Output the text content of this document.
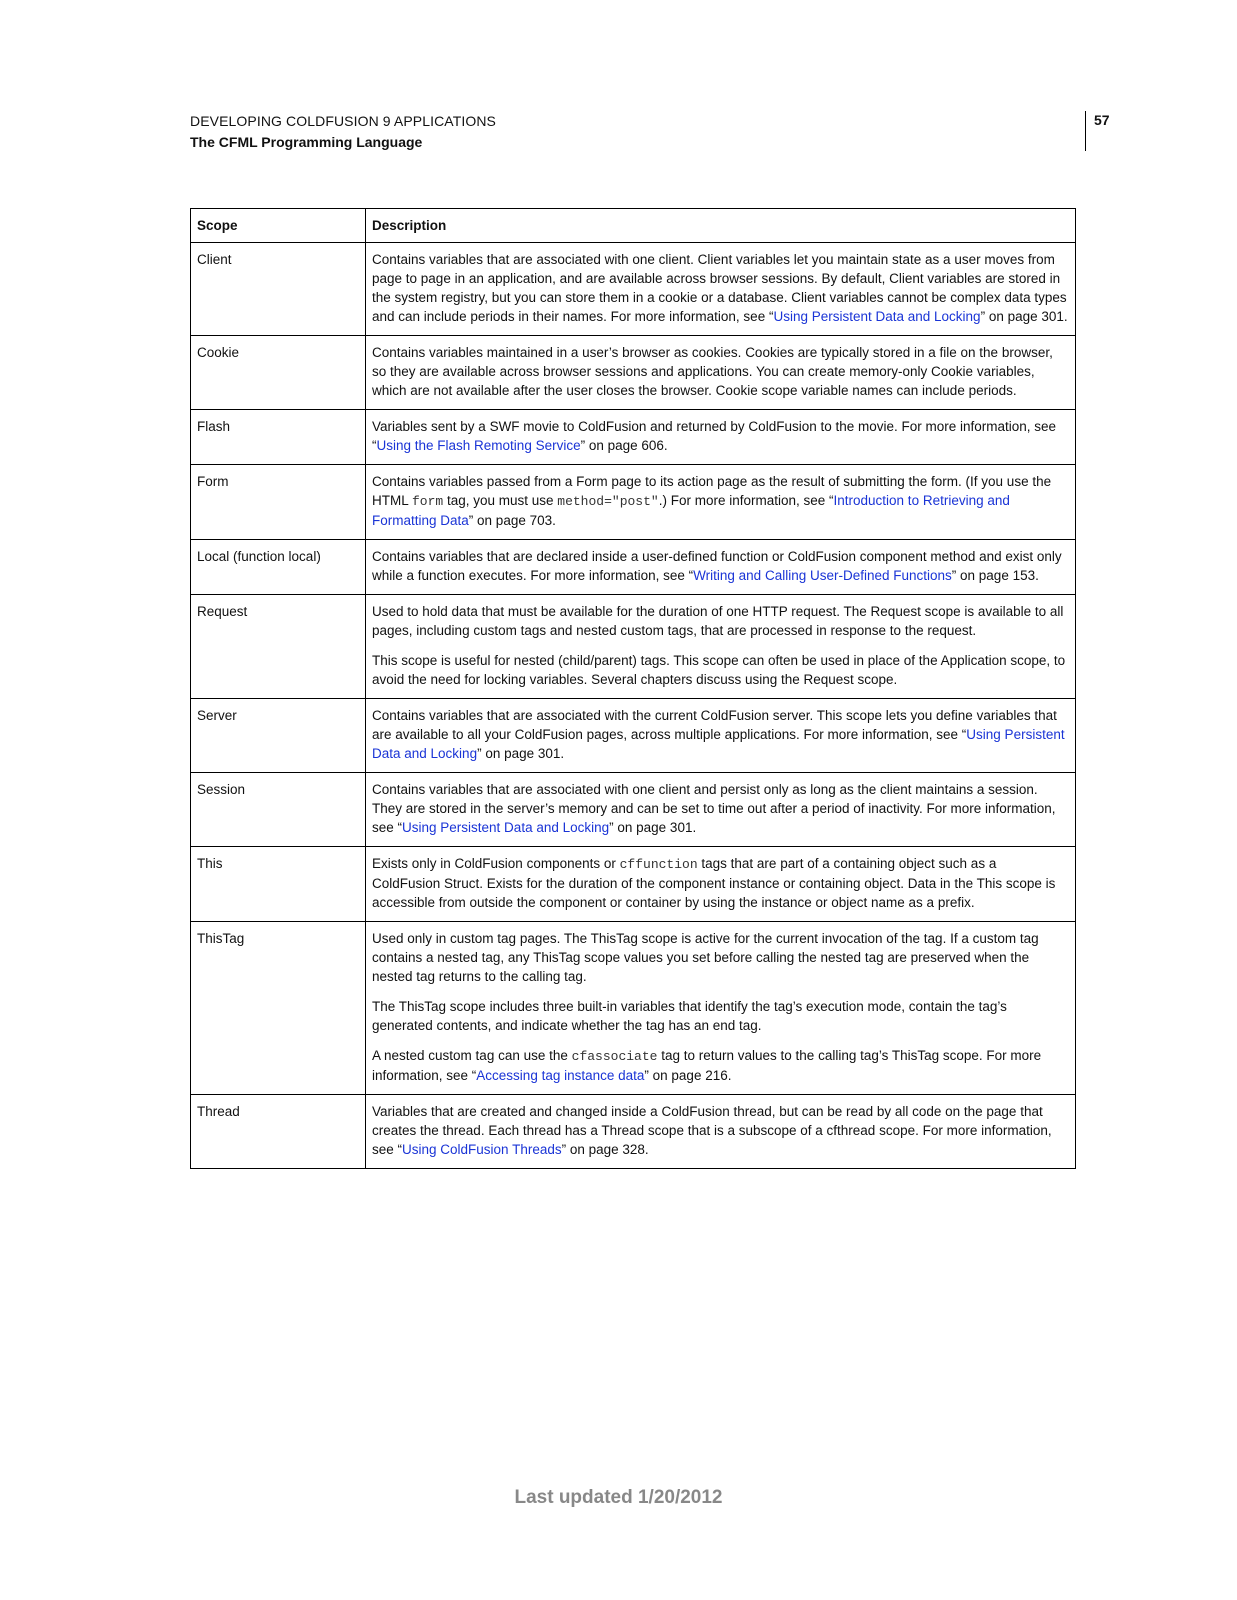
DEVELOPING COLDFUSION 9 APPLICATIONS
The CFML Programming Language
57
Scope	Description
Client	Contains variables that are associated with one client. Client variables let you maintain state as a user moves from page to page in an application, and are available across browser sessions. By default, Client variables are stored in the system registry, but you can store them in a cookie or a database. Client variables cannot be complex data types and can include periods in their names. For more information, see “Using Persistent Data and Locking” on page 301.

Cookie	Contains variables maintained in a user’s browser as cookies. Cookies are typically stored in a file on the browser, so they are available across browser sessions and applications. You can create memory-only Cookie variables, which are not available after the user closes the browser. Cookie scope variable names can include periods.

Flash	Variables sent by a SWF movie to ColdFusion and returned by ColdFusion to the movie. For more information, see “Using the Flash Remoting Service” on page 606.

Form	Contains variables passed from a Form page to its action page as the result of submitting the form. (If you use the HTML form tag, you must use method="post".) For more information, see “Introduction to Retrieving and Formatting Data” on page 703.

Local (function local)	Contains variables that are declared inside a user-defined function or ColdFusion component method and exist only while a function executes. For more information, see “Writing and Calling User-Defined Functions” on page 153.

Request	Used to hold data that must be available for the duration of one HTTP request. The Request scope is available to all pages, including custom tags and nested custom tags, that are processed in response to the request.

This scope is useful for nested (child/parent) tags. This scope can often be used in place of the Application scope, to avoid the need for locking variables. Several chapters discuss using the Request scope.

Server	Contains variables that are associated with the current ColdFusion server. This scope lets you define variables that are available to all your ColdFusion pages, across multiple applications. For more information, see “Using Persistent Data and Locking” on page 301.

Session	Contains variables that are associated with one client and persist only as long as the client maintains a session. They are stored in the server’s memory and can be set to time out after a period of inactivity. For more information, see “Using Persistent Data and Locking” on page 301.

This	Exists only in ColdFusion components or cffunction tags that are part of a containing object such as a ColdFusion Struct. Exists for the duration of the component instance or containing object. Data in the This scope is accessible from outside the component or container by using the instance or object name as a prefix.

ThisTag	Used only in custom tag pages. The ThisTag scope is active for the current invocation of the tag. If a custom tag contains a nested tag, any ThisTag scope values you set before calling the nested tag are preserved when the nested tag returns to the calling tag.

The ThisTag scope includes three built-in variables that identify the tag’s execution mode, contain the tag’s generated contents, and indicate whether the tag has an end tag.

A nested custom tag can use the cfassociate tag to return values to the calling tag’s ThisTag scope. For more information, see “Accessing tag instance data” on page 216.

Thread	Variables that are created and changed inside a ColdFusion thread, but can be read by all code on the page that creates the thread. Each thread has a Thread scope that is a subscope of a cfthread scope. For more information, see “Using ColdFusion Threads” on page 328.

Last updated 1/20/2012
